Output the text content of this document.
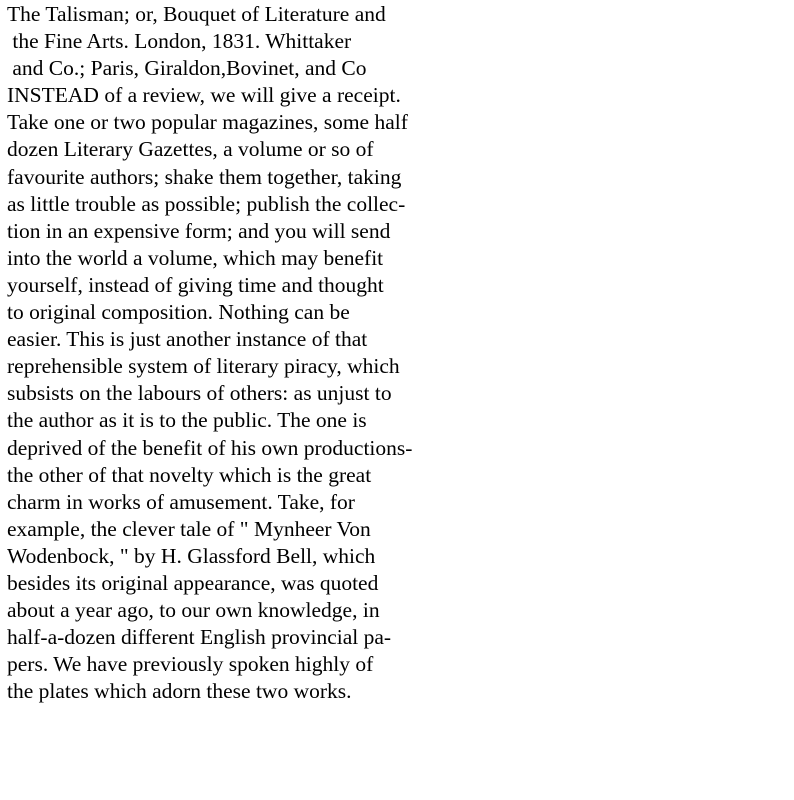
The Talisman; or, Bouquet of Literature and
the Fine Arts. London, 1831. Whittaker
and Co.; Paris, Giraldon,Bovinet, and Co
INSTEAD of a review, we will give a receipt.
Take one or two popular magazines, some half
dozen Literary Gazettes, a volume or so of
favourite authors; shake them together, taking
as little trouble as possible; publish the collec-
tion in an expensive form; and you will send
into the world a volume, which may benefit
yourself, instead of giving time and thought
to original composition. Nothing can be
easier. This is just another instance of that
reprehensible system of literary piracy, which
subsists on the labours of others: as unjust to
the author as it is to the public. The one is
deprived of the benefit of his own productions-
the other of that novelty which is the great
charm in works of amusement. Take, for
example, the clever tale of " Mynheer Von
Wodenbock, " by H. Glassford Bell, which
besides its original appearance, was quoted
about a year ago, to our own knowledge, in
half-a-dozen different English provincial pa-
pers. We have previously spoken highly of
the plates which adorn these two works.
